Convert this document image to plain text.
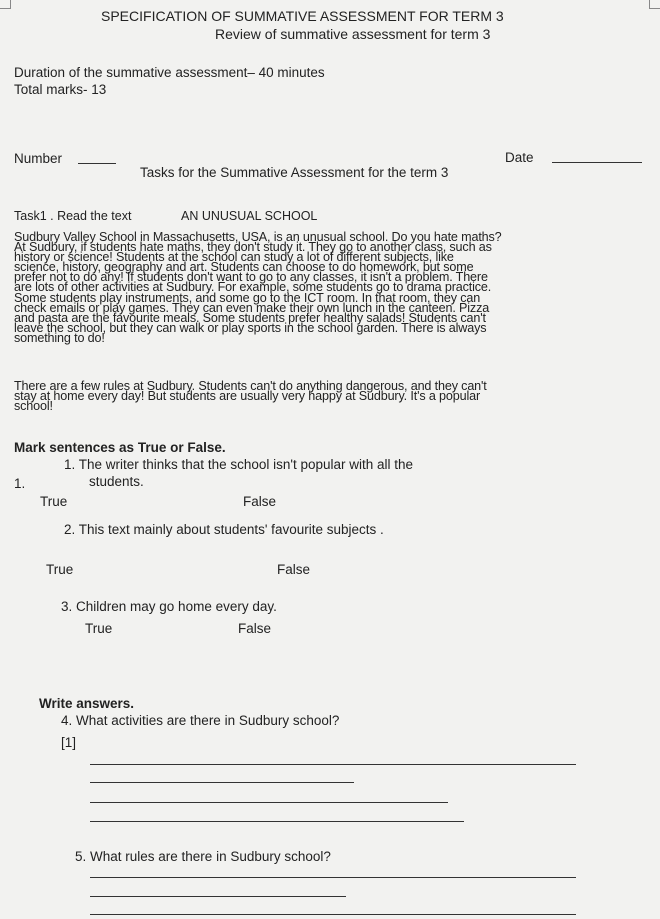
SPECIFICATION OF SUMMATIVE ASSESSMENT FOR TERM 3
Review of summative assessment for term 3
Duration of the summative assessment– 40 minutes
Total marks- 13
Number	Date
Tasks for the Summative Assessment for the term 3
Task1 . Read the text	AN UNUSUAL SCHOOL
Sudbury Valley School in Massachusetts, USA, is an unusual school. Do you hate maths?
At Sudbury, if students hate maths, they don't study it. They go to another class, such as
history or science! Students at the school can study a lot of different subjects, like
science, history, geography and art. Students can choose to do homework, but some
prefer not to do any! If students don't want to go to any classes, it isn't a problem. There
are lots of other activities at Sudbury. For example, some students go to drama practice.
Some students play instruments, and some go to the ICT room. In that room, they can
check emails or play games. They can even make their own lunch in the canteen. Pizza
and pasta are the favourite meals. Some students prefer healthy salads! Students can't
leave the school, but they can walk or play sports in the school garden. There is always
something to do!
There are a few rules at Sudbury. Students can't do anything dangerous, and they can't
stay at home every day! But students are usually very happy at Sudbury. It's a popular
school!
Mark sentences as True or False.
1. The writer thinks that the school isn't popular with all the
1.	students.
True	False
2. This text mainly about students' favourite subjects .
True	False
3. Children may go home every day.
True	False
Write answers.
4. What activities are there in Sudbury school?
[1]
5. What rules are there in Sudbury school?
